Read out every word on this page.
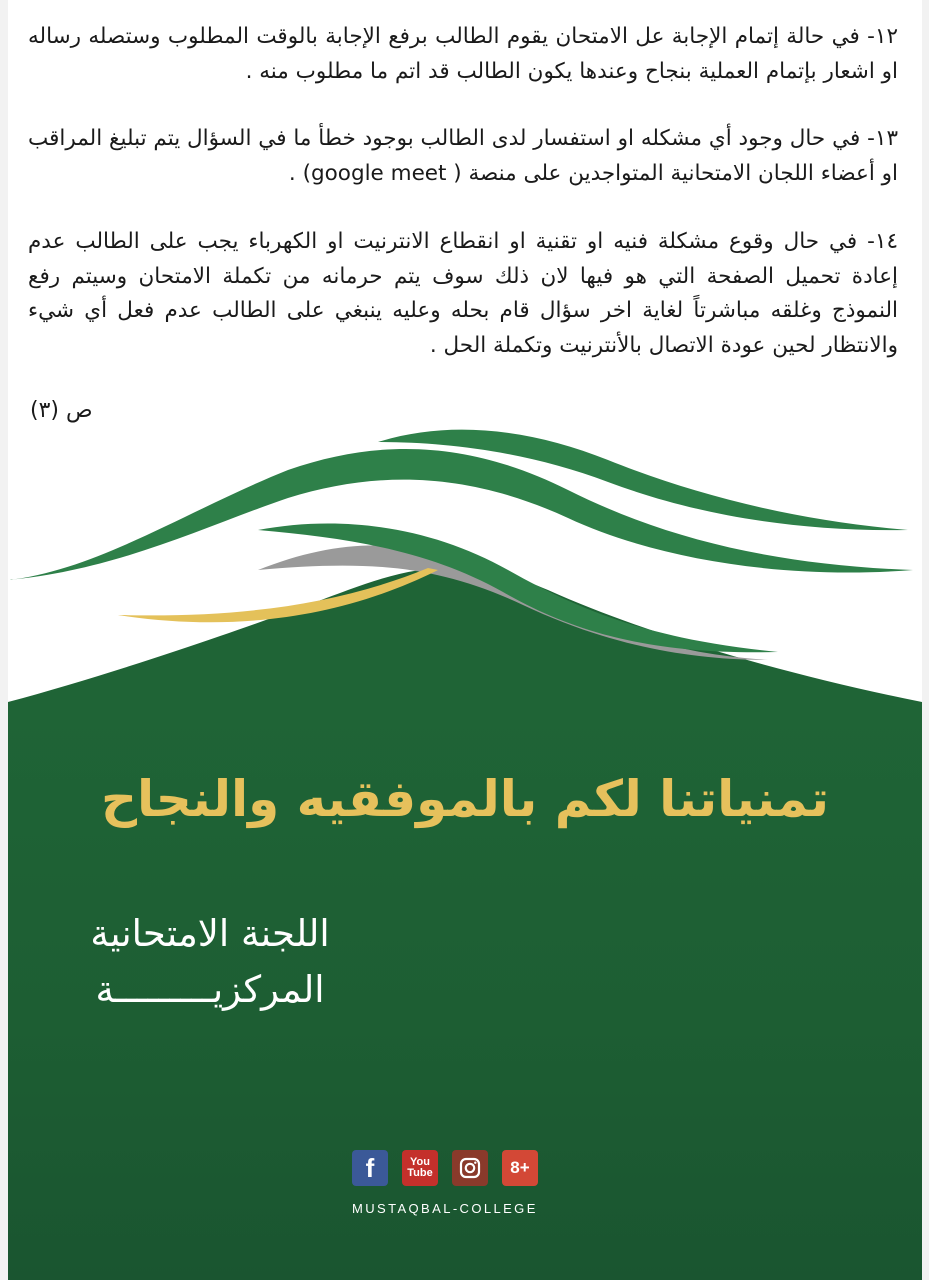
١٢- في حالة إتمام الإجابة عل الامتحان يقوم الطالب برفع الإجابة بالوقت المطلوب وستصله رساله او اشعار بإتمام العملية بنجاح وعندها يكون الطالب قد اتم ما مطلوب منه .

١٣- في حال وجود أي مشكله او استفسار لدى الطالب بوجود خطأ ما في السؤال يتم تبليغ المراقب او أعضاء اللجان الامتحانية المتواجدين على منصة ( google meet) .

١٤- في حال وقوع مشكلة فنيه او تقنية او انقطاع الانترنيت او الكهرباء يجب على الطالب عدم إعادة تحميل الصفحة التي هو فيها لان ذلك سوف يتم حرمانه من تكملة الامتحان وسيتم رفع النموذج وغلقه مباشرتاً لغاية اخر سؤال قام بحله وعليه ينبغي على الطالب عدم فعل أي شيء والانتظار لحين عودة الاتصال بالأنترنيت وتكملة الحل .

ص (٣)
تمنياتنا لكم بالموفقيه والنجاح
اللجنة الامتحانية
المركزيـــــــــة
f	You Tube	8+
MUSTAQBAL-COLLEGE
